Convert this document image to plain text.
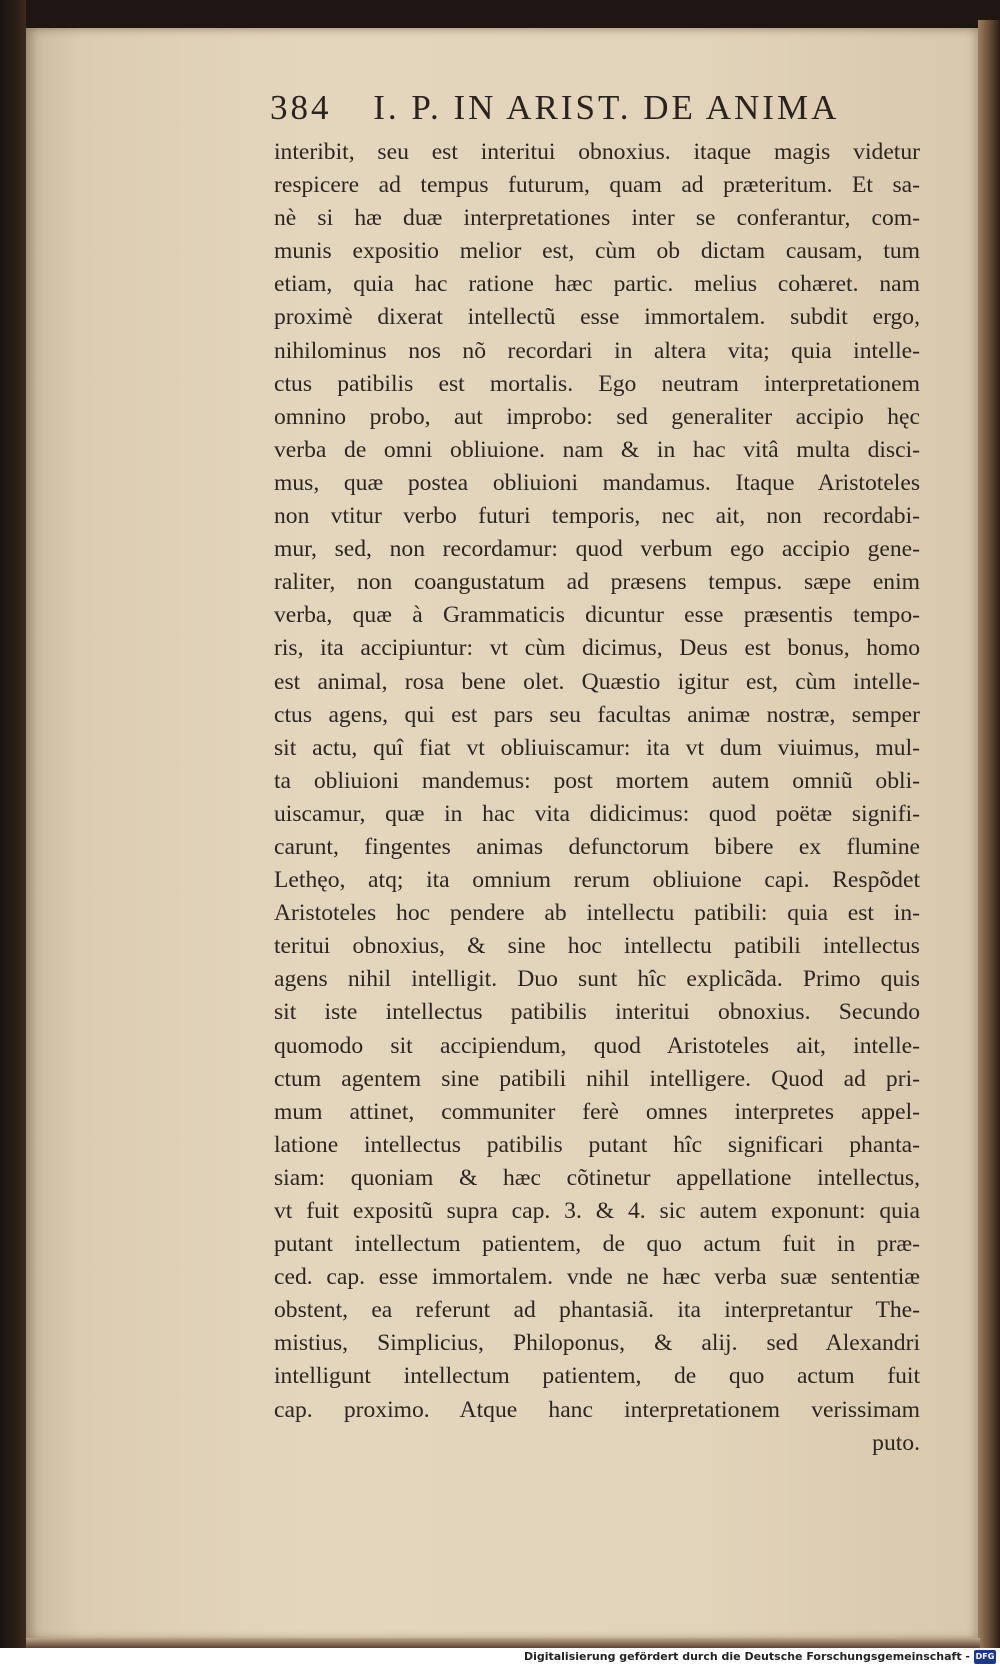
384 I. P. IN ARIST. DE ANIMA
interibit, seu est interitui obnoxius. itaque magis videtur
respicere ad tempus futurum, quam ad præteritum. Et sa-
nè si hæ duæ interpretationes inter se conferantur, com-
munis expositio melior est, cùm ob dictam causam, tum
etiam, quia hac ratione hæc partic. melius cohæret. nam
proximè dixerat intellectũ esse immortalem. subdit ergo,
nihilominus nos nõ recordari in altera vita; quia intelle-
ctus patibilis est mortalis. Ego neutram interpretationem
omnino probo, aut improbo: sed generaliter accipio hęc
verba de omni obliuione. nam & in hac vitâ multa disci-
mus, quæ postea obliuioni mandamus. Itaque Aristoteles
non vtitur verbo futuri temporis, nec ait, non recordabi-
mur, sed, non recordamur: quod verbum ego accipio gene-
raliter, non coangustatum ad præsens tempus. sæpe enim
verba, quæ à Grammaticis dicuntur esse præsentis tempo-
ris, ita accipiuntur: vt cùm dicimus, Deus est bonus, homo
est animal, rosa bene olet. Quæstio igitur est, cùm intelle-
ctus agens, qui est pars seu facultas animæ nostræ, semper
sit actu, quî fiat vt obliuiscamur: ita vt dum viuimus, mul-
ta obliuioni mandemus: post mortem autem omniũ obli-
uiscamur, quæ in hac vita didicimus: quod poëtæ signifi-
carunt, fingentes animas defunctorum bibere ex flumine
Lethęo, atq; ita omnium rerum obliuione capi. Respõdet
Aristoteles hoc pendere ab intellectu patibili: quia est in-
teritui obnoxius, & sine hoc intellectu patibili intellectus
agens nihil intelligit. Duo sunt hîc explicãda. Primo quis
sit iste intellectus patibilis interitui obnoxius. Secundo
quomodo sit accipiendum, quod Aristoteles ait, intelle-
ctum agentem sine patibili nihil intelligere. Quod ad pri-
mum attinet, communiter ferè omnes interpretes appel-
latione intellectus patibilis putant hîc significari phanta-
siam: quoniam & hæc cõtinetur appellatione intellectus,
vt fuit expositũ supra cap. 3. & 4. sic autem exponunt: quia
putant intellectum patientem, de quo actum fuit in præ-
ced. cap. esse immortalem. vnde ne hæc verba suæ sententiæ
obstent, ea referunt ad phantasiã. ita interpretantur The-
mistius, Simplicius, Philoponus, & alij. sed Alexandri
intelligunt intellectum patientem, de quo actum fuit
cap. proximo. Atque hanc interpretationem verissimam
puto.
Digitalisierung gefördert durch die Deutsche Forschungsgemeinschaft - DFG
